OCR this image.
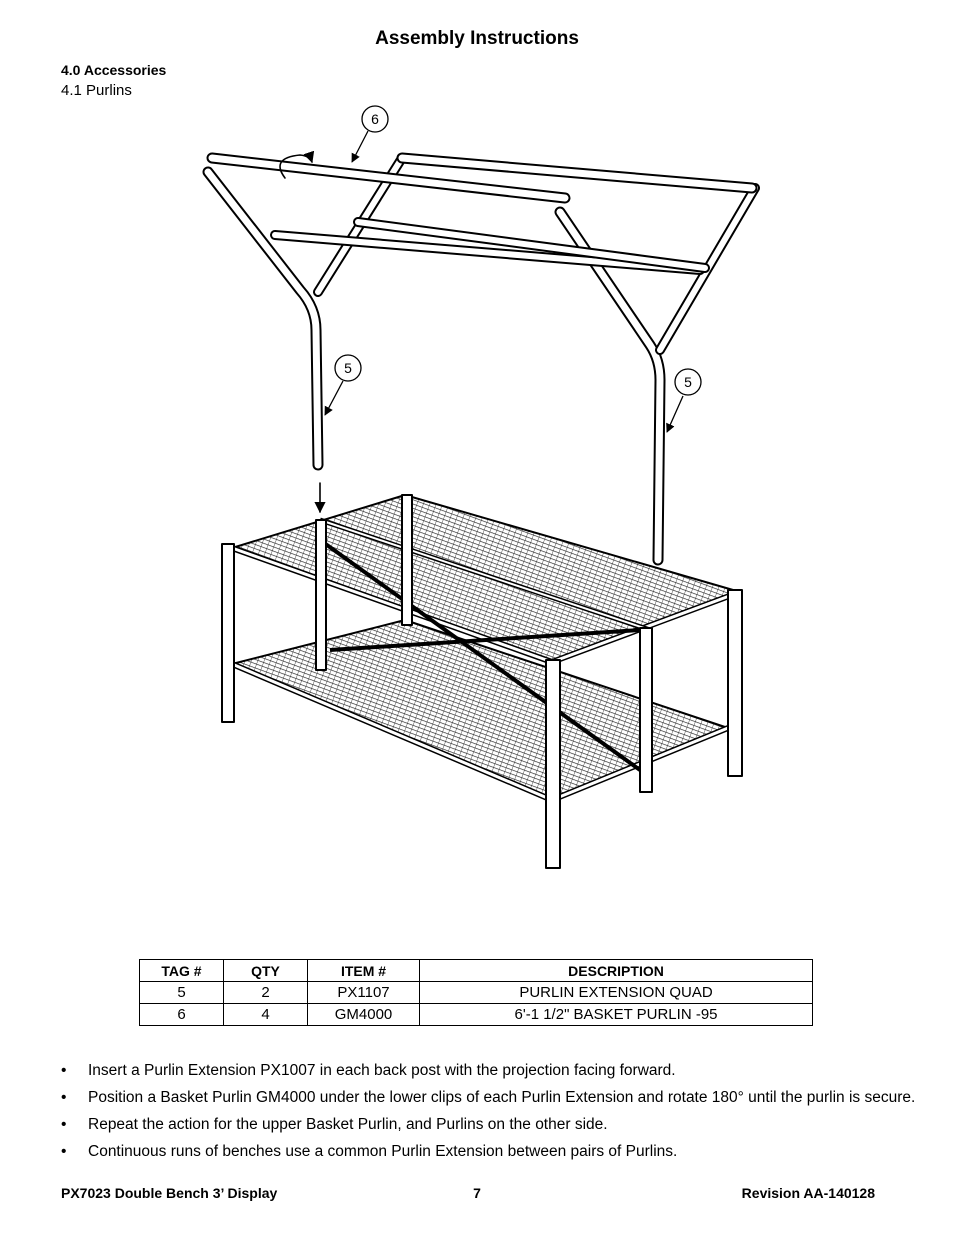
Assembly Instructions
4.0 Accessories
4.1 Purlins
6
5
5
TAG #	QTY	ITEM #	DESCRIPTION
5	2	PX1107	PURLIN EXTENSION QUAD
6	4	GM4000	6'-1 1/2" BASKET PURLIN -95
• Insert a Purlin Extension PX1007 in each back post with the projection facing forward.
• Position a Basket Purlin GM4000 under the lower clips of each Purlin Extension and rotate 180° until the purlin is secure.
• Repeat the action for the upper Basket Purlin, and Purlins on the other side.
• Continuous runs of benches use a common Purlin Extension between pairs of Purlins.
PX7023 Double Bench 3’ Display	7	Revision AA-140128
